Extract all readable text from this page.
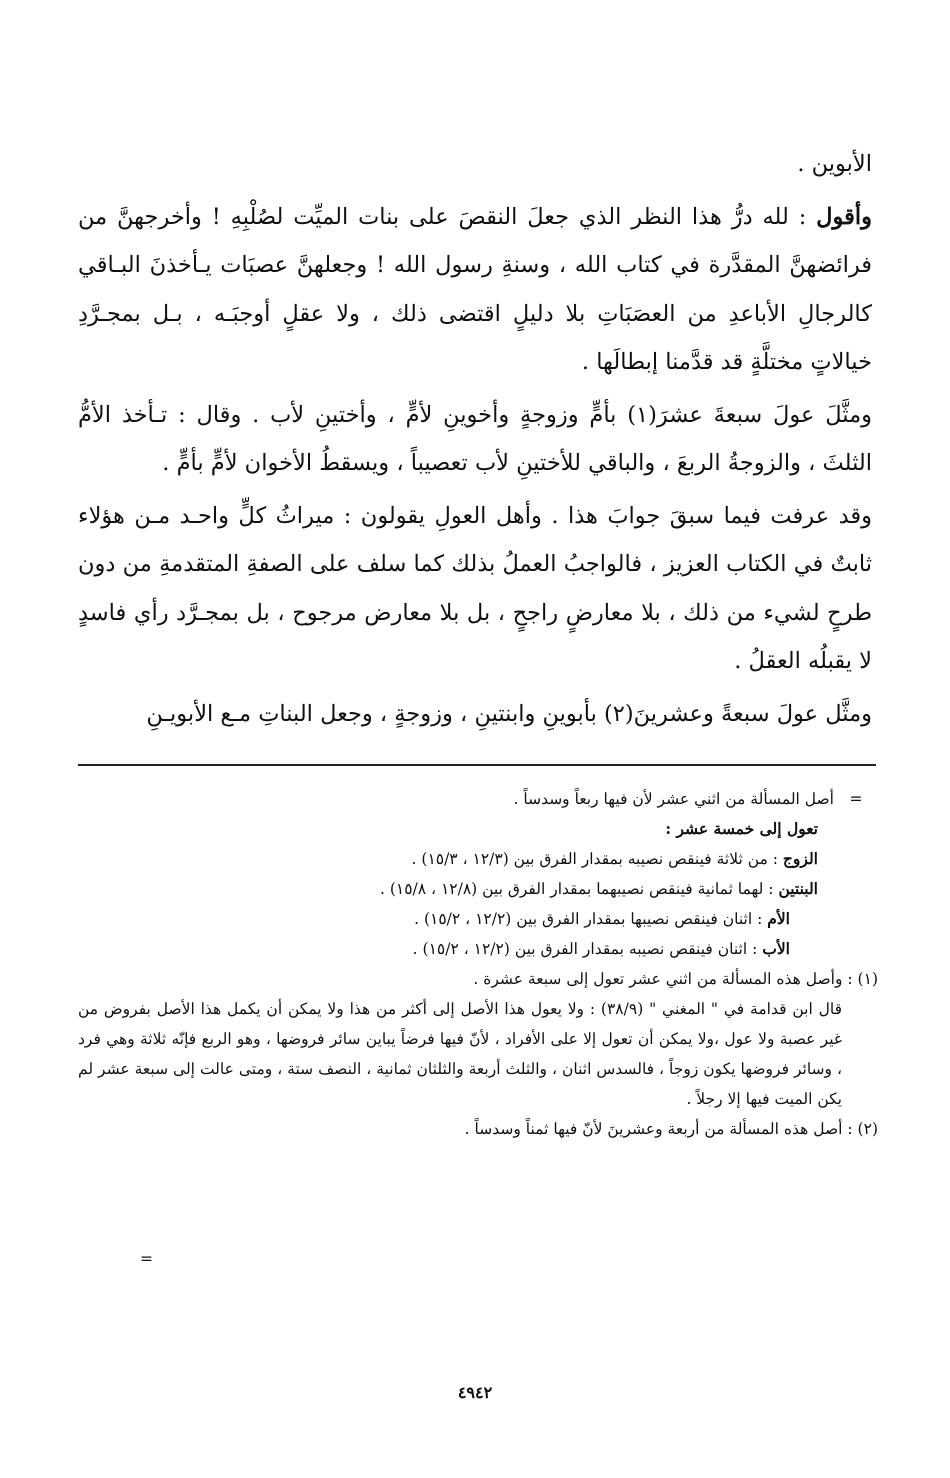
الأبوين .

وأقول : لله درُّ هذا النظر الذي جعلَ النقصَ على بنات الميِّت لصُلْبِهِ ! وأخرجهنَّ من فرائضهنَّ المقدَّرة في كتاب الله ، وسنةِ رسول الله ! وجعلهنَّ عصبَات يـأخذنَ البـاقي كالرجالِ الأباعدِ من العصَبَاتِ بلا دليلٍ اقتضى ذلك ، ولا عقلٍ أوجبَـه ، بـل بمجـرَّدِ خيالاتٍ مختلَّةٍ قد قدَّمنا إبطالَها .

ومثَّلَ عولَ سبعةَ عشرَ(١) بأمٍّ وزوجةٍ وأخوينِ لأمٍّ ، وأختينِ لأب . وقال : تـأخذ الأمُّ الثلثَ ، والزوجةُ الربعَ ، والباقي للأختينِ لأب تعصيباً ، ويسقطُ الأخوان لأمٍّ بأمٍّ .

وقد عرفت فيما سبقَ جوابَ هذا . وأهل العولِ يقولون : ميراثُ كلٍّ واحـد مـن هؤلاء ثابتٌ في الكتاب العزيز ، فالواجبُ العملُ بذلك كما سلف على الصفةِ المتقدمةِ من دون طرحٍ لشيء من ذلك ، بلا معارضٍ راجحٍ ، بل بلا معارض مرجوح ، بل بمجـرَّد رأي فاسدٍ لا يقبلُه العقلُ .

ومثَّل عولَ سبعةً وعشرينَ(٢) بأبوينِ وابنتينِ ، وزوجةٍ ، وجعل البناتِ مـع الأبويـنِ

=أصل المسألة من اثني عشر لأن فيها ربعاً وسدساً .

تعول إلى خمسة عشر :

الزوج : من ثلاثة فينقص نصيبه بمقدار الفرق بين (١٢/٣ ، ١٥/٣) .

البنتين : لهما ثمانية فينقص نصيبهما بمقدار الفرق بين (١٢/٨ ، ١٥/٨) .

الأم : اثنان فينقص نصيبها بمقدار الفرق بين (١٢/٢ ، ١٥/٢) .

الأب : اثنان فينقص نصيبه بمقدار الفرق بين (١٢/٢ ، ١٥/٢) .

(١) : وأصل هذه المسألة من اثني عشر تعول إلى سبعة عشرة .

قال ابن قدامة في " المغني " (٣٨/٩) : ولا يعول هذا الأصل إلى أكثر من هذا ولا يمكن أن يكمل هذا الأصل بفروض من غير عصبة ولا عول ،ولا يمكن أن تعول إلا على الأفراد ، لأنّ فيها فرضاً يباين سائر فروضها ، وهو الربع فإنّه ثلاثة وهي فرد ، وسائر فروضها يكون زوجاً ، فالسدس اثنان ، والثلث أربعة والثلثان ثمانية ، النصف ستة ، ومتى عالت إلى سبعة عشر لم يكن الميت فيها إلا رجلاً .

(٢) : أصل هذه المسألة من أربعة وعشرينَ لأنّ فيها ثمناً وسدساً .

=
٤٩٤٢
